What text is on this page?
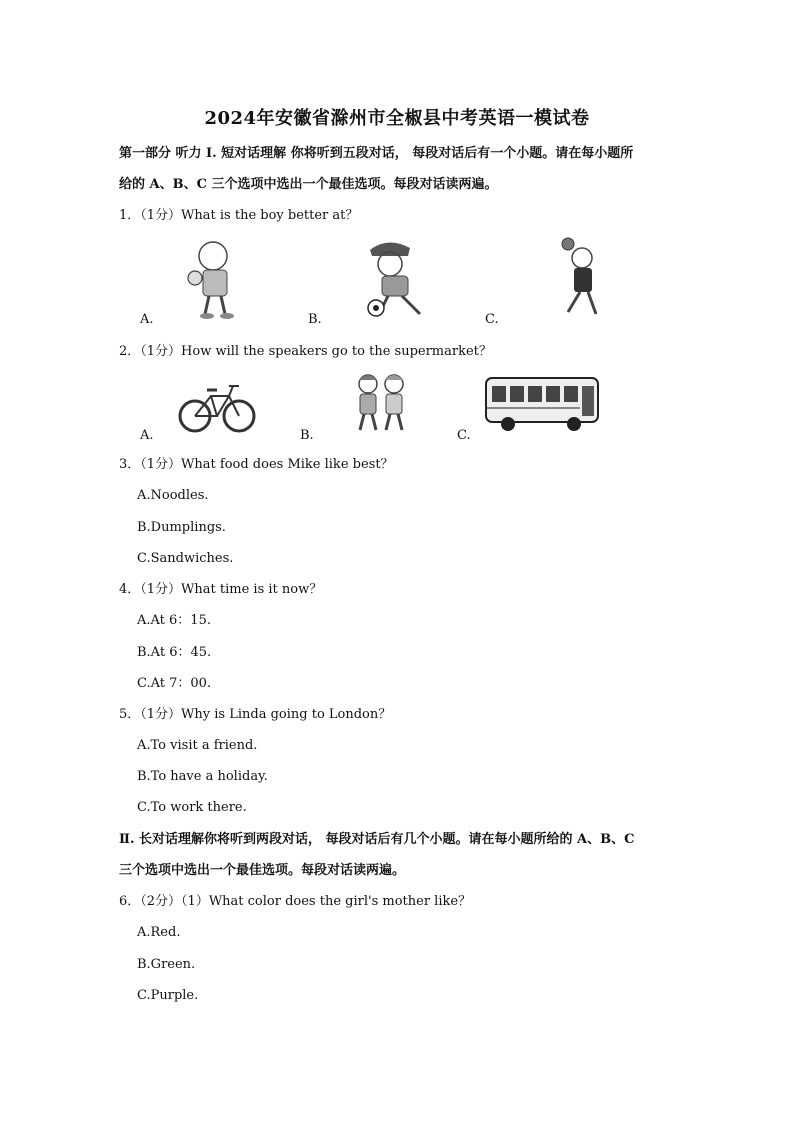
2024年安徽省滁州市全椒县中考英语一模试卷
第一部分 听力 I. 短对话理解 你将听到五段对话， 每段对话后有一个小题。请在每小题所
给的 A、B、C 三个选项中选出一个最佳选项。每段对话读两遍。
1．（1分）What is the boy better at？
A.	B.	C.
2．（1分）How will the speakers go to the supermarket？
A.	B.	C.
3．（1分）What food does Mike like best？
A.Noodles.
B.Dumplings.
C.Sandwiches.
4．（1分）What time is it now？
A.At 6：15.
B.At 6：45.
C.At 7：00.
5．（1分）Why is Linda going to London？
A.To visit a friend.
B.To have a holiday.
C.To work there.
Ⅱ. 长对话理解你将听到两段对话， 每段对话后有几个小题。请在每小题所给的 A、B、C
三个选项中选出一个最佳选项。每段对话读两遍。
6．（2分）（1）What color does the girl's mother like？
A.Red.
B.Green.
C.Purple.
